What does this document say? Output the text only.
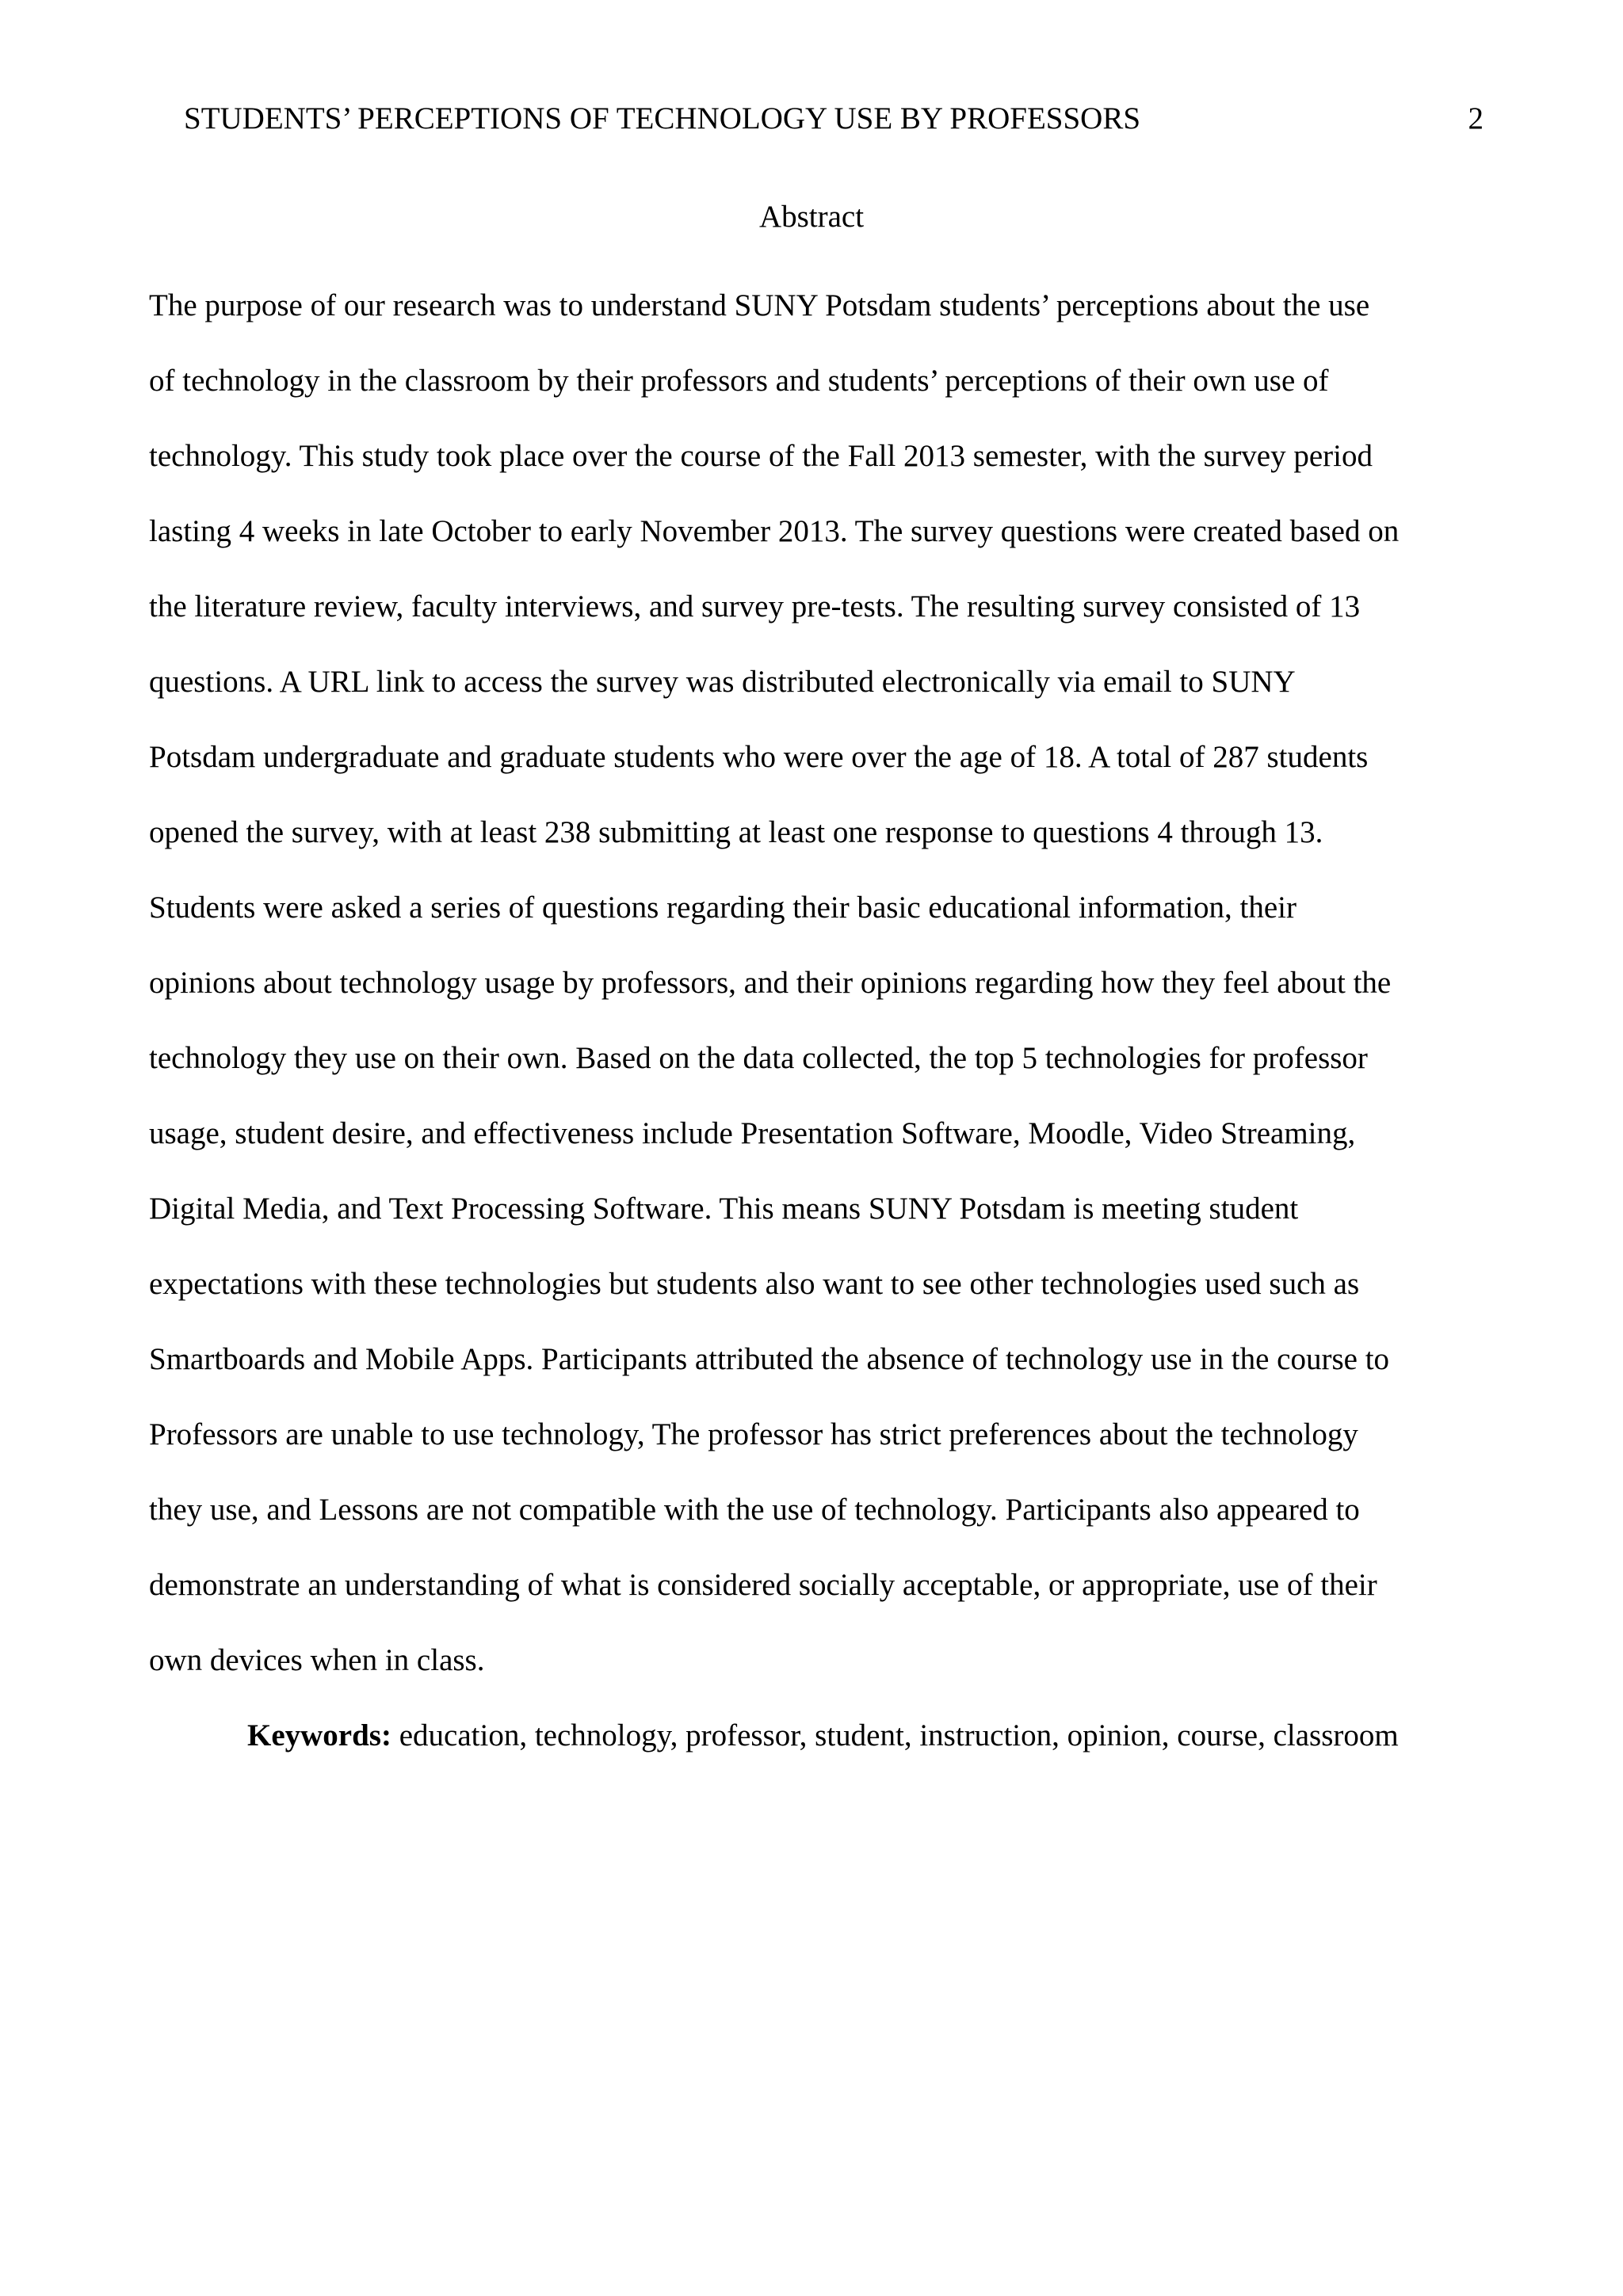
STUDENTS’ PERCEPTIONS OF TECHNOLOGY USE BY PROFESSORS	2
Abstract
The purpose of our research was to understand SUNY Potsdam students’ perceptions about the use
of technology in the classroom by their professors and students’ perceptions of their own use of
technology. This study took place over the course of the Fall 2013 semester, with the survey period
lasting 4 weeks in late October to early November 2013. The survey questions were created based on
the literature review, faculty interviews, and survey pre-tests. The resulting survey consisted of 13
questions. A URL link to access the survey was distributed electronically via email to SUNY
Potsdam undergraduate and graduate students who were over the age of 18. A total of 287 students
opened the survey, with at least 238 submitting at least one response to questions 4 through 13.
Students were asked a series of questions regarding their basic educational information, their
opinions about technology usage by professors, and their opinions regarding how they feel about the
technology they use on their own. Based on the data collected, the top 5 technologies for professor
usage, student desire, and effectiveness include Presentation Software, Moodle, Video Streaming,
Digital Media, and Text Processing Software. This means SUNY Potsdam is meeting student
expectations with these technologies but students also want to see other technologies used such as
Smartboards and Mobile Apps. Participants attributed the absence of technology use in the course to
Professors are unable to use technology, The professor has strict preferences about the technology
they use, and Lessons are not compatible with the use of technology. Participants also appeared to
demonstrate an understanding of what is considered socially acceptable, or appropriate, use of their
own devices when in class.
Keywords: education, technology, professor, student, instruction, opinion, course, classroom
